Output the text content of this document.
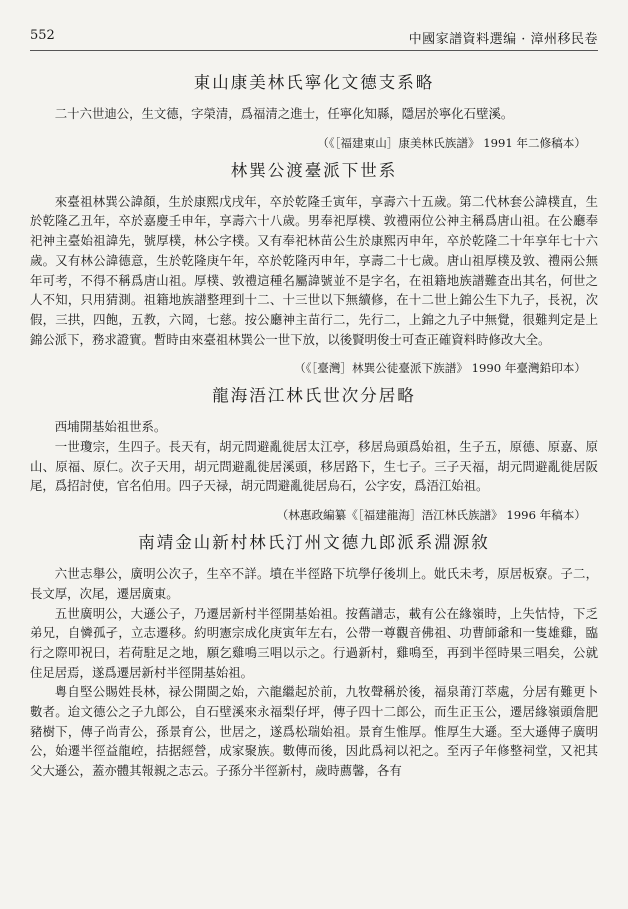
552	中國家譜資料選编 · 漳州移民卷
東山康美林氏寧化文德支系略

二十六世迪公，生文德，字榮清，爲福清之進士，任寧化知縣，隱居於寧化石壁溪。

（《［福建東山］康美林氏族譜》 1991 年二修稿本）
林巽公渡臺派下世系

來臺祖林巽公諱顏，生於康熙戊戌年，卒於乾隆壬寅年，享壽六十五歲。第二代林套公諱樸直，生於乾隆乙丑年，卒於嘉慶壬申年，享壽六十八歲。男奉祀厚樸、敦禮兩位公神主稱爲唐山祖。在公廳奉祀神主臺始祖諱先，號厚樸，林公字樸。又有奉祀林苗公生於康熙丙申年，卒於乾隆二十年享年七十六歲。又有林公諱德意，生於乾隆庚午年，卒於乾隆丙申年，享壽二十七歲。唐山祖厚樸及敦、禮兩公無年可考，不得不稱爲唐山祖。厚樸、敦禮這種名屬諱號並不是字名，在祖籍地族譜難查出其名，何世之人不知，只用猜測。祖籍地族譜整理到十二、十三世以下無續修，在十二世上錦公生下九子，長祝，次假，三拱，四飽，五教，六岡，七慈。按公廳神主苗行二，先行二，上錦之九子中無覺，很難判定是上錦公派下，務求證實。暫時由來臺祖林巽公一世下放，以後賢明俊士可查正確資料時修改大全。

（《［臺灣］林巽公徒臺派下族譜》 1990 年臺灣鉛印本）
龍海浯江林氏世次分居略

西埔開基始祖世系。

一世瓊宗，生四子。長天有，胡元問避亂徙居太江亭，移居烏頭爲始祖，生子五，原德、原嘉、原山、原福、原仁。次子天用，胡元問避亂徙居溪頭，移居路下，生七子。三子天福，胡元問避亂徙居阪尾，爲招討使，官名伯用。四子天禄，胡元問避亂徙居烏石，公字安，爲浯江始祖。

（林惠政編纂《［福建龍海］浯江林氏族譜》 1996 年稿本）
南靖金山新村林氏汀州文德九郎派系淵源敘

六世志舉公，廣明公次子，生卒不詳。墳在半徑路下坑學仔後圳上。妣氏未考，原居板寮。子二，長文厚，次尾，遷居廣東。

五世廣明公，大遜公子，乃遷居新村半徑開基始祖。按舊譜志，載有公在緣嶺時，上失怙恃，下乏弟兄，自憐孤孑，立志遷移。約明憲宗成化庚寅年左右，公帶一尊觀音佛祖、功曹師爺和一隻雄雞，臨行之際叩祝曰，若荷駐足之地，願乞雞鳴三唱以示之。行過新村，雞鳴至，再到半徑時果三唱矣，公就住足居焉，遂爲遷居新村半徑開基始祖。

粵自堅公賜姓長林，禄公開閩之始，六龍繼起於前，九牧聲稱於後，福泉莆汀萃處，分居有難更卜數者。迨文德公之子九郎公，自石壁溪來永福梨仔坪，傳子四十二郎公，而生正玉公，遷居緣嶺頭詹肥豬樹下，傳子尚青公，孫景育公，世居之，遂爲松瑞始祖。景育生惟厚。惟厚生大遜。至大遜傳子廣明公，始遷半徑益龍崆，拮据經營，成家聚族。數傳而後，因此爲祠以祀之。至丙子年修整祠堂，又祀其父大遜公，蓋亦體其報親之志云。子孫分半徑新村，歲時薦馨，各有
